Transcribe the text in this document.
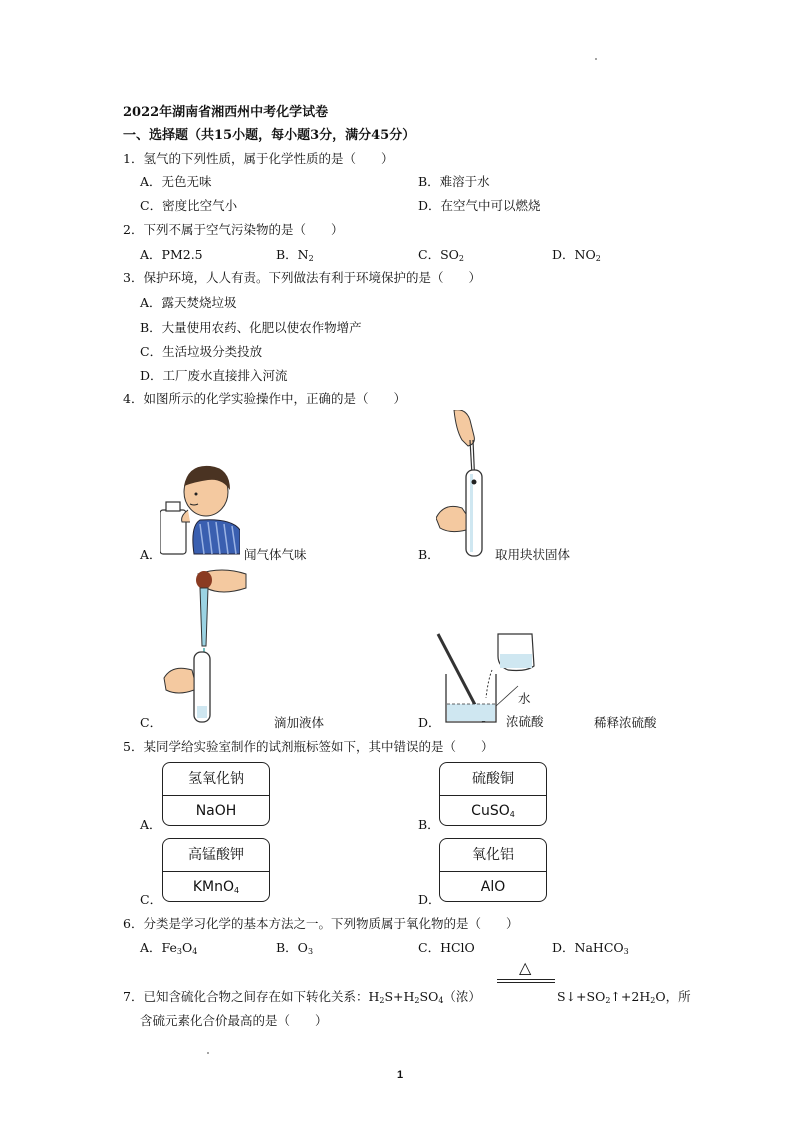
2022年湖南省湘西州中考化学试卷
一、选择题（共15小题，每小题3分，满分45分）
1．氢气的下列性质，属于化学性质的是（　　）
A．无色无味	B．难溶于水
C．密度比空气小	D．在空气中可以燃烧
2．下列不属于空气污染物的是（　　）
A．PM2.5	B．$N_2$	C．$SO_2$	D．$NO_2$
3．保护环境，人人有责。下列做法有利于环境保护的是（　　）
A．露天焚烧垃圾
B．大量使用农药、化肥以使农作物增产
C．生活垃圾分类投放
D．工厂废水直接排入河流
4．如图所示的化学实验操作中，正确的是（　　）
A．	闻气体气味	B．	取用块状固体
C．	滴加液体
水
浓硫酸
D．	稀释浓硫酸
5．某同学给实验室制作的试剂瓶标签如下，其中错误的是（　　）
氢氧化钠
NaOH
A．
硫酸铜
CuSO$_4$
B．
高锰酸钾
KMnO$_4$
C．
氧化铝
AlO
D．
6．分类是学习化学的基本方法之一。下列物质属于氧化物的是（　　）
A．$Fe_3O_4$	B．$O_3$	C．HClO	D．NaHCO$_3$
7．已知含硫化合物之间存在如下转化关系：$H_2S+H_2SO_4$（浓）
△
$S↓+SO_2↑+2H_2O$，所
含硫元素化合价最高的是（　　）
1
